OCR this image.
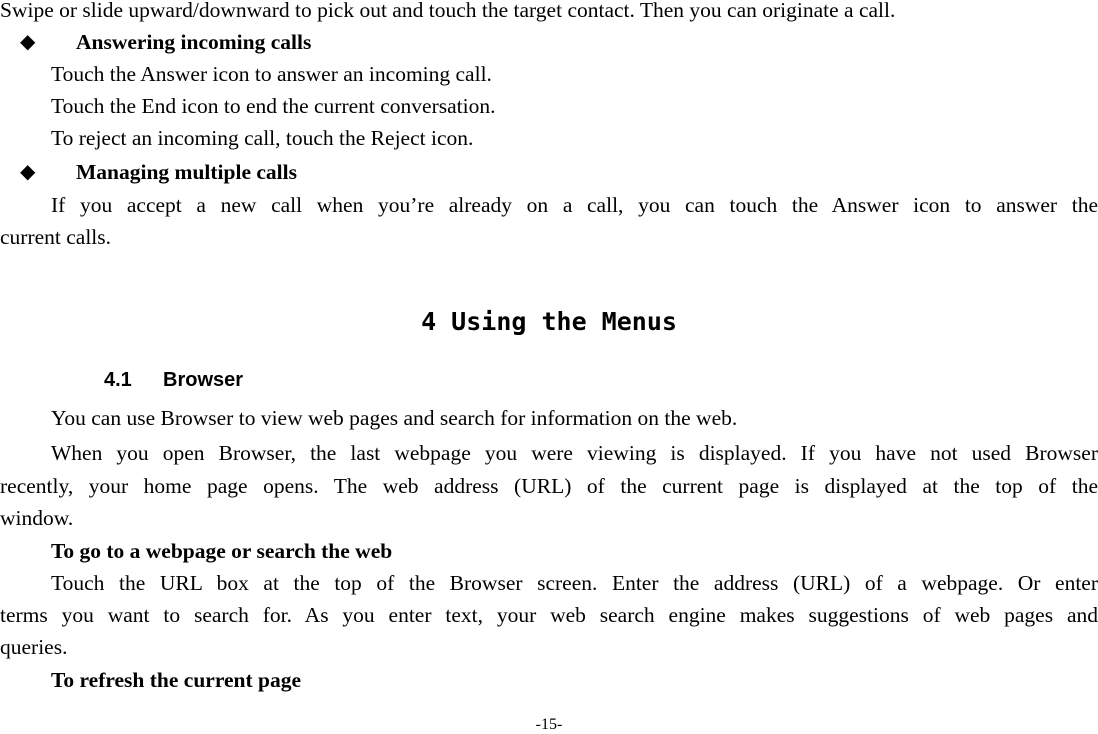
Swipe or slide upward/downward to pick out and touch the target contact. Then you can originate a call.
◆ Answering incoming calls
Touch the Answer icon to answer an incoming call.
Touch the End icon to end the current conversation.
To reject an incoming call, touch the Reject icon.
◆ Managing multiple calls
If you accept a new call when you’re already on a call, you can touch the Answer icon to answer the
current calls.
4 Using the Menus
4.1 Browser
You can use Browser to view web pages and search for information on the web.
When you open Browser, the last webpage you were viewing is displayed. If you have not used Browser
recently, your home page opens. The web address (URL) of the current page is displayed at the top of the
window.
To go to a webpage or search the web
Touch the URL box at the top of the Browser screen. Enter the address (URL) of a webpage. Or enter
terms you want to search for. As you enter text, your web search engine makes suggestions of web pages and
queries.
To refresh the current page
-15-
